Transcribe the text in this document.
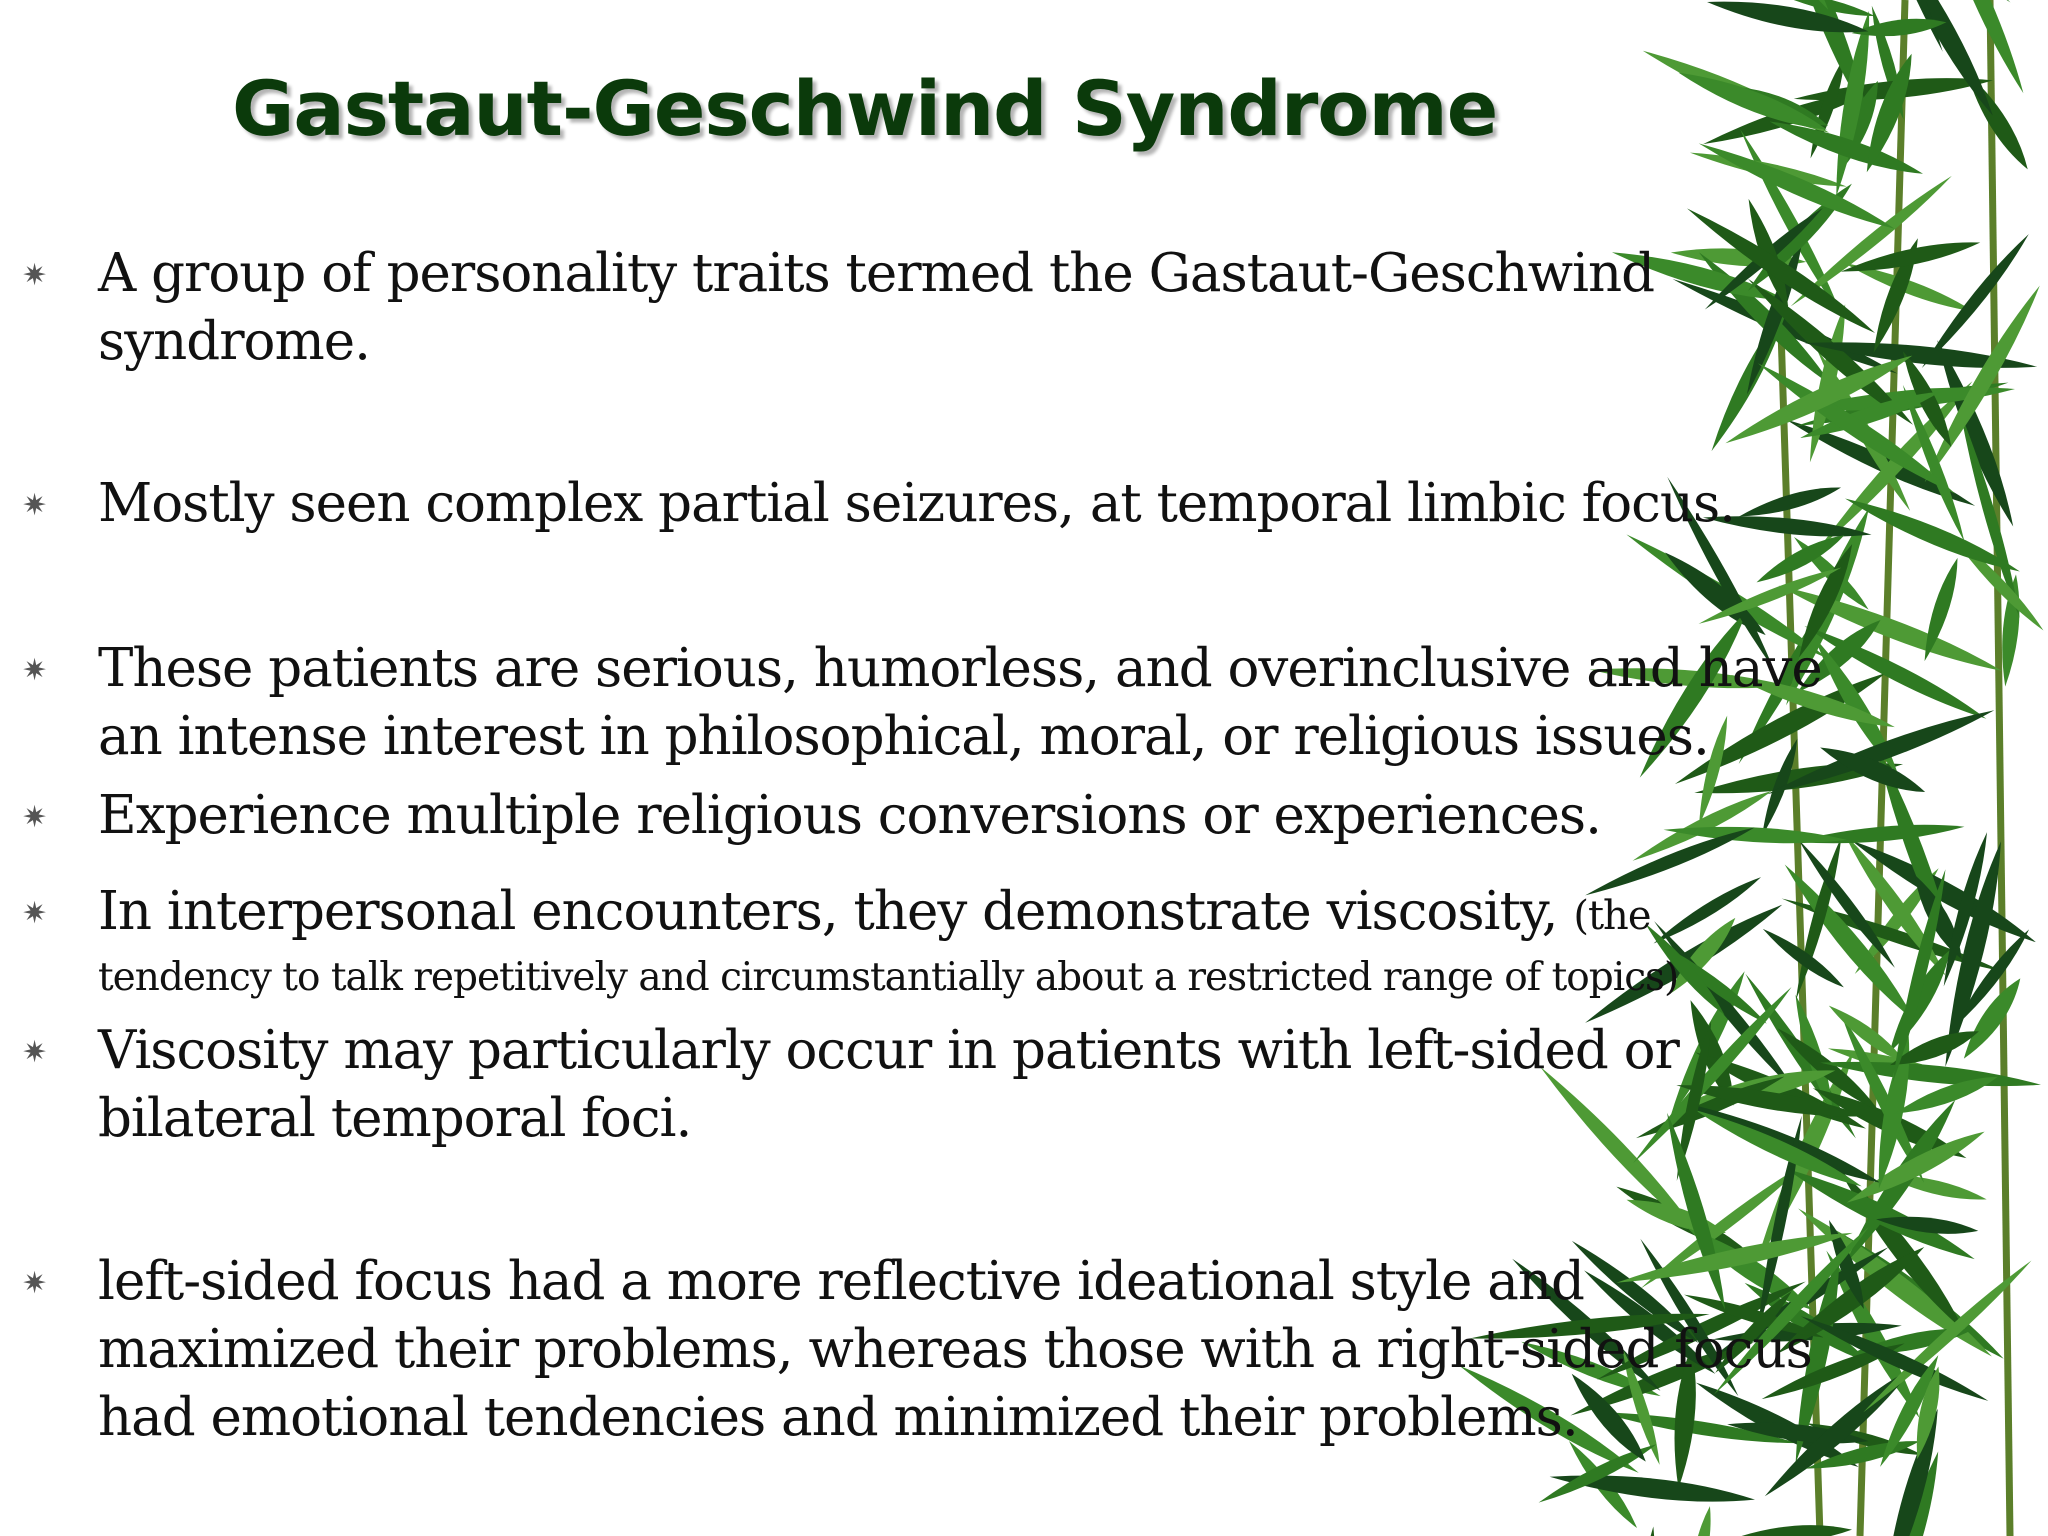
Gastaut-Geschwind Syndrome
✷ A group of personality traits termed the Gastaut-Geschwind
syndrome.

✷ Mostly seen complex partial seizures, at temporal limbic focus.

✷ These patients are serious, humorless, and overinclusive and have
an intense interest in philosophical, moral, or religious issues.

✷ Experience multiple religious conversions or experiences.

✷ In interpersonal encounters, they demonstrate viscosity, (the
tendency to talk repetitively and circumstantially about a restricted range of topics)

✷ Viscosity may particularly occur in patients with left-sided or
bilateral temporal foci.

✷ left-sided focus had a more reflective ideational style and
maximized their problems, whereas those with a right-sided focus
had emotional tendencies and minimized their problems.
